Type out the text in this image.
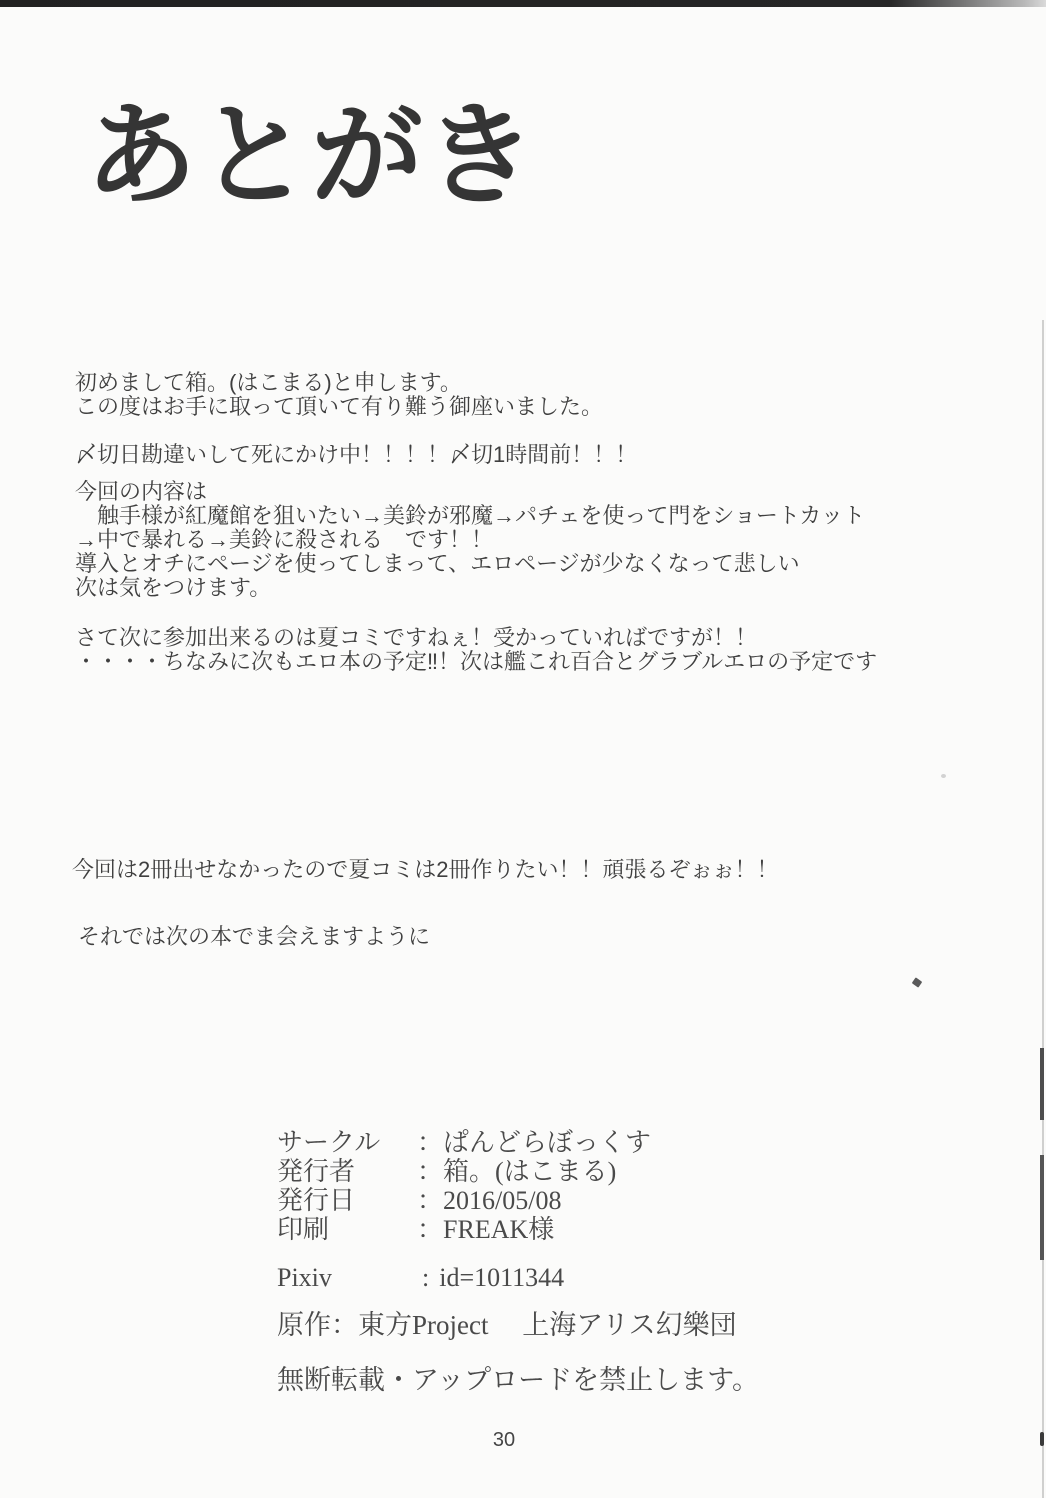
あとがき
初めまして箱。(はこまる)と申します。
この度はお手に取って頂いて有り難う御座いました。
〆切日勘違いして死にかけ中！！！！〆切1時間前！！！
今回の内容は
　触手様が紅魔館を狙いたい→美鈴が邪魔→パチェを使って門をショートカット
→中で暴れる→美鈴に殺される　です！！
導入とオチにページを使ってしまって、エロページが少なくなって悲しい
次は気をつけます。
さて次に参加出来るのは夏コミですねぇ！受かっていればですが！！
・・・・ちなみに次もエロ本の予定‼！次は艦これ百合とグラブルエロの予定です
今回は2冊出せなかったので夏コミは2冊作りたい！！頑張るぞぉぉ！！
それでは次の本でま会えますように
サークル	： ぱんどらぼっくす
発行者	： 箱。(はこまる)
発行日	： 2016/05/08
印刷	： FREAK様
Pixiv	: id=1011344
原作：東方Project　 上海アリス幻樂団
無断転載・アップロードを禁止します。
30
